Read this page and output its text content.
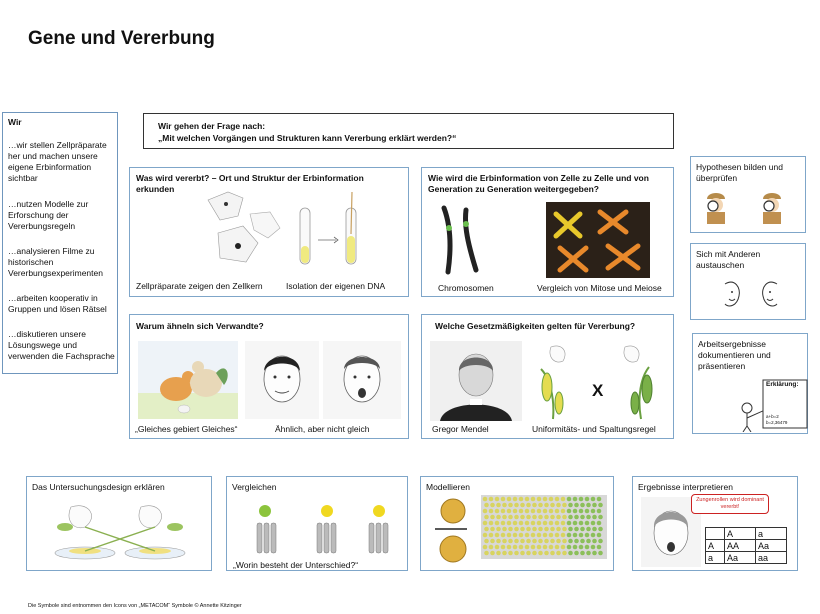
Gene und Vererbung
Wir
…wir stellen Zellpräparate her und machen unsere eigene Erbinformation sichtbar
…nutzen Modelle zur Erforschung der Vererbungsregeln
…analysieren Filme zu historischen Vererbungsexperimenten
…arbeiten kooperativ in Gruppen und lösen Rätsel
…diskutieren unsere Lösungswege und verwenden die Fachsprache
Wir gehen der Frage nach:
„Mit welchen Vorgängen und Strukturen kann Vererbung erklärt werden?“
Was wird vererbt? – Ort und Struktur der Erbinformation erkunden
Zellpräparate zeigen den Zellkern	Isolation der eigenen DNA
Wie wird die Erbinformation von Zelle zu Zelle und von Generation zu Generation weitergegeben?
Chromosomen	Vergleich von Mitose und Meiose
Warum ähneln sich Verwandte?
„Gleiches gebiert Gleiches“	Ähnlich, aber nicht gleich
Welche Gesetzmäßigkeiten gelten für Vererbung?
X
Gregor Mendel	Uniformitäts- und Spaltungsregel
Hypothesen bilden und überprüfen
Sich mit Anderen austauschen
Arbeitsergebnisse dokumentieren und präsentieren
Erklärung:
a+b=2
b=2,36479
Das Untersuchungsdesign erklären	Vergleichen
„Worin besteht der Unterschied?“
Modellieren	Ergebnisse interpretieren
Zungenrollen wird dominant vererbt!
	A	a
A	AA	Aa
a	Aa	aa
Die Symbole sind entnommen den Icons von „METACOM“ Symbole © Annette Kitzinger
